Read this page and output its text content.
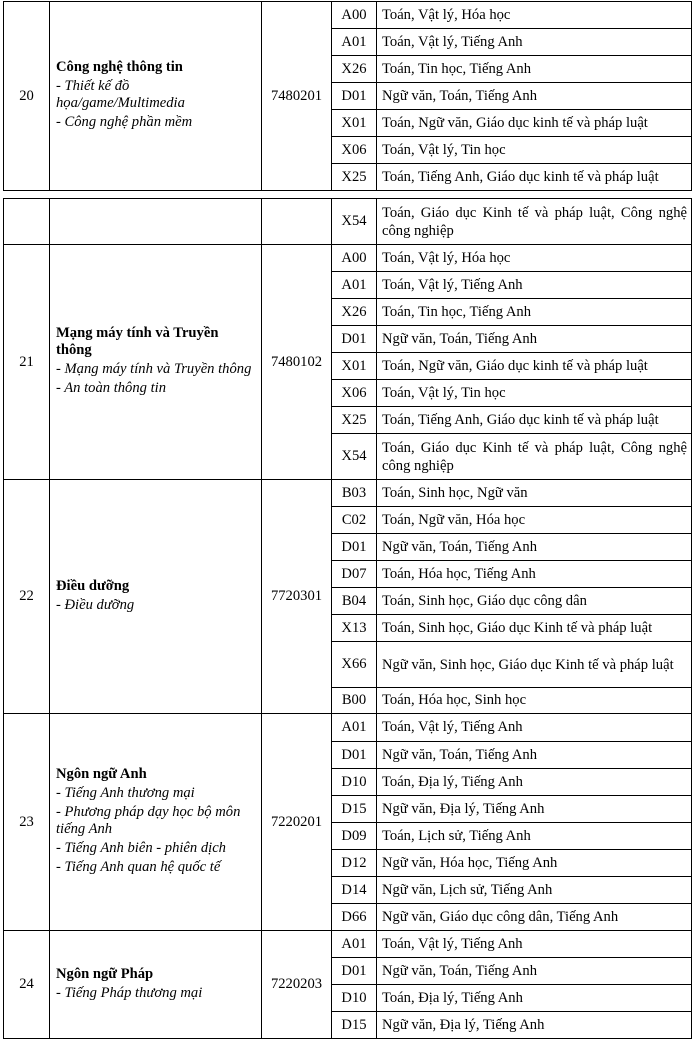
20	Công nghệ thông tin
- Thiết kế đồ họa/game/Multimedia
- Công nghệ phần mềm	7480201	A00	Toán, Vật lý, Hóa học
			A01	Toán, Vật lý, Tiếng Anh
			X26	Toán, Tin học, Tiếng Anh
			D01	Ngữ văn, Toán, Tiếng Anh
			X01	Toán, Ngữ văn, Giáo dục kinh tế và pháp luật
			X06	Toán, Vật lý, Tin học
			X25	Toán, Tiếng Anh, Giáo dục kinh tế và pháp luật
			X54	Toán, Giáo dục Kinh tế và pháp luật, Công nghệ công nghiệp
21	Mạng máy tính và Truyền thông
- Mạng máy tính và Truyền thông
- An toàn thông tin	7480102	A00	Toán, Vật lý, Hóa học
			A01	Toán, Vật lý, Tiếng Anh
			X26	Toán, Tin học, Tiếng Anh
			D01	Ngữ văn, Toán, Tiếng Anh
			X01	Toán, Ngữ văn, Giáo dục kinh tế và pháp luật
			X06	Toán, Vật lý, Tin học
			X25	Toán, Tiếng Anh, Giáo dục kinh tế và pháp luật
			X54	Toán, Giáo dục Kinh tế và pháp luật, Công nghệ công nghiệp
22	Điều dưỡng
- Điều dưỡng	7720301	B03	Toán, Sinh học, Ngữ văn
			C02	Toán, Ngữ văn, Hóa học
			D01	Ngữ văn, Toán, Tiếng Anh
			D07	Toán, Hóa học, Tiếng Anh
			B04	Toán, Sinh học, Giáo dục công dân
			X13	Toán, Sinh học, Giáo dục Kinh tế và pháp luật
			X66	Ngữ văn, Sinh học, Giáo dục Kinh tế và pháp luật
			B00	Toán, Hóa học, Sinh học
23	Ngôn ngữ Anh
- Tiếng Anh thương mại
- Phương pháp dạy học bộ môn tiếng Anh
- Tiếng Anh biên - phiên dịch
- Tiếng Anh quan hệ quốc tế	7220201	A01	Toán, Vật lý, Tiếng Anh
			D01	Ngữ văn, Toán, Tiếng Anh
			D10	Toán, Địa lý, Tiếng Anh
			D15	Ngữ văn, Địa lý, Tiếng Anh
			D09	Toán, Lịch sử, Tiếng Anh
			D12	Ngữ văn, Hóa học, Tiếng Anh
			D14	Ngữ văn, Lịch sử, Tiếng Anh
			D66	Ngữ văn, Giáo dục công dân, Tiếng Anh
24	Ngôn ngữ Pháp
- Tiếng Pháp thương mại	7220203	A01	Toán, Vật lý, Tiếng Anh
			D01	Ngữ văn, Toán, Tiếng Anh
			D10	Toán, Địa lý, Tiếng Anh
			D15	Ngữ văn, Địa lý, Tiếng Anh
